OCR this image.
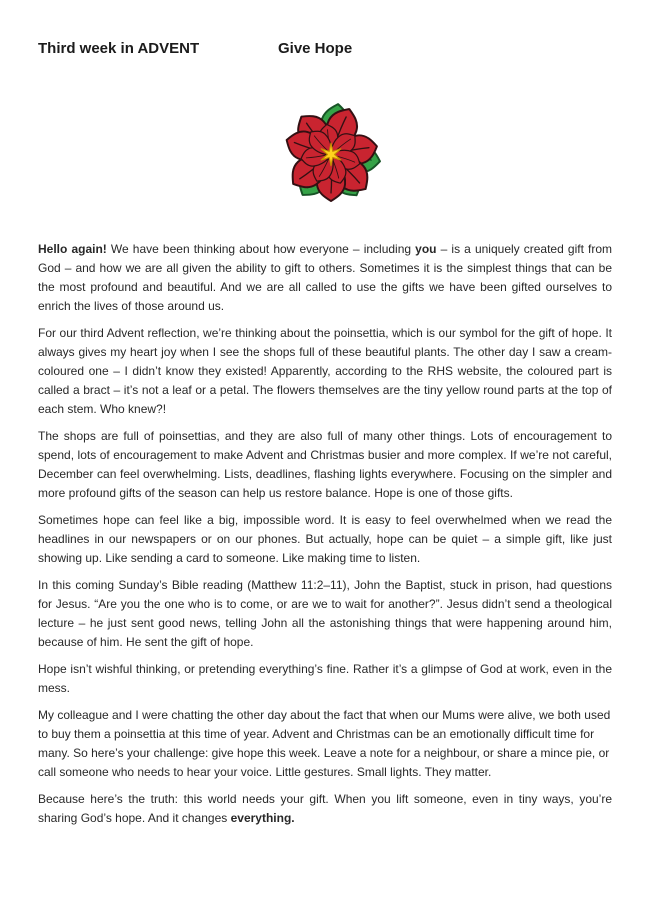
Third week in ADVENT	Give Hope

Hello again! We have been thinking about how everyone – including you – is a uniquely created gift from God – and how we are all given the ability to gift to others. Sometimes it is the simplest things that can be the most profound and beautiful. And we are all called to use the gifts we have been gifted ourselves to enrich the lives of those around us.

For our third Advent reflection, we’re thinking about the poinsettia, which is our symbol for the gift of hope. It always gives my heart joy when I see the shops full of these beautiful plants. The other day I saw a cream-coloured one – I didn’t know they existed! Apparently, according to the RHS website, the coloured part is called a bract – it’s not a leaf or a petal. The flowers themselves are the tiny yellow round parts at the top of each stem. Who knew?!

The shops are full of poinsettias, and they are also full of many other things. Lots of encouragement to spend, lots of encouragement to make Advent and Christmas busier and more complex. If we’re not careful, December can feel overwhelming. Lists, deadlines, flashing lights everywhere. Focusing on the simpler and more profound gifts of the season can help us restore balance. Hope is one of those gifts.

Sometimes hope can feel like a big, impossible word. It is easy to feel overwhelmed when we read the headlines in our newspapers or on our phones. But actually, hope can be quiet – a simple gift, like just showing up. Like sending a card to someone. Like making time to listen.

In this coming Sunday’s Bible reading (Matthew 11:2–11), John the Baptist, stuck in prison, had questions for Jesus. “Are you the one who is to come, or are we to wait for another?”. Jesus didn’t send a theological lecture – he just sent good news, telling John all the astonishing things that were happening around him, because of him. He sent the gift of hope.

Hope isn’t wishful thinking, or pretending everything’s fine. Rather it’s a glimpse of God at work, even in the mess.

My colleague and I were chatting the other day about the fact that when our Mums were alive, we both used to buy them a poinsettia at this time of year. Advent and Christmas can be an emotionally difficult time for many. So here’s your challenge: give hope this week. Leave a note for a neighbour, or share a mince pie, or call someone who needs to hear your voice. Little gestures. Small lights. They matter.

Because here’s the truth: this world needs your gift. When you lift someone, even in tiny ways, you’re sharing God’s hope. And it changes everything.
